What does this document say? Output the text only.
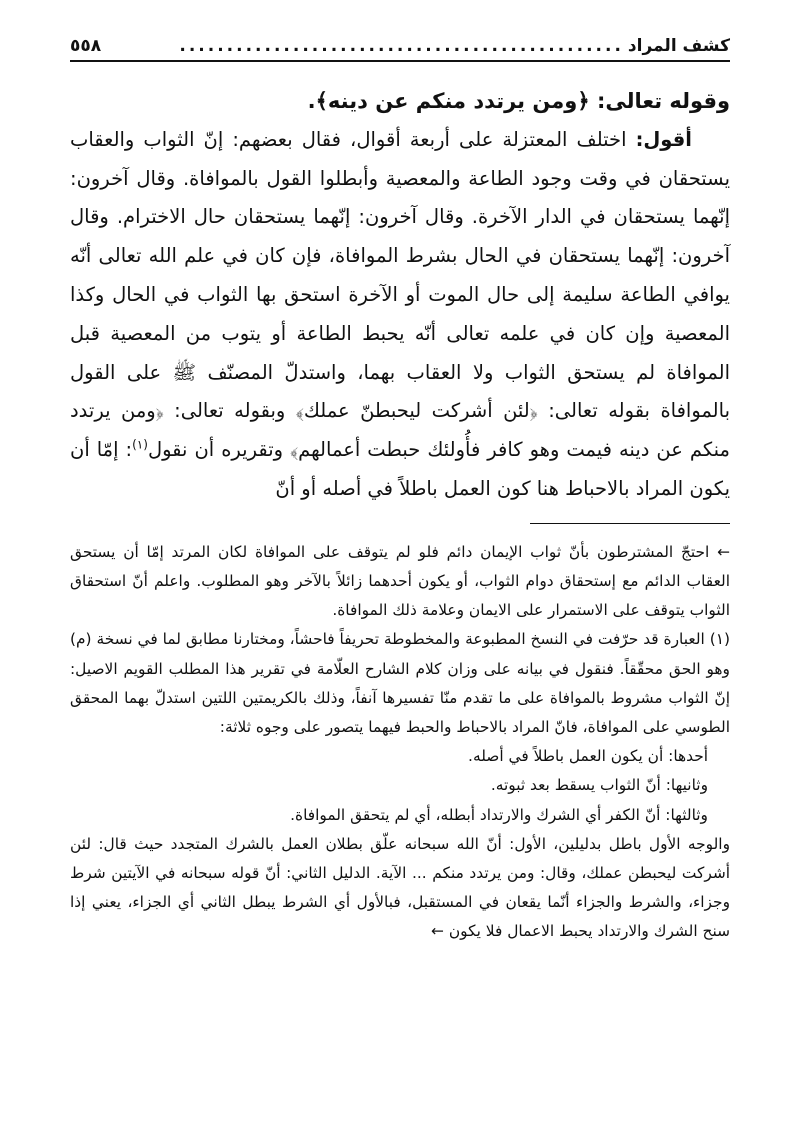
كشف المراد
...............................................
٥٥٨

وقوله تعالى: ﴿ومن يرتدد منكم عن دينه﴾.

أقول: اختلف المعتزلة على أربعة أقوال، فقال بعضهم: إنّ الثواب والعقاب يستحقان في وقت وجود الطاعة والمعصية وأبطلوا القول بالموافاة. وقال آخرون: إنّهما يستحقان في الدار الآخرة. وقال آخرون: إنّهما يستحقان حال الاخترام. وقال آخرون: إنّهما يستحقان في الحال بشرط الموافاة، فإن كان في علم الله تعالى أنّه يوافي الطاعة سليمة إلى حال الموت أو الآخرة استحق بها الثواب في الحال وكذا المعصية وإن كان في علمه تعالى أنّه يحبط الطاعة أو يتوب من المعصية قبل الموافاة لم يستحق الثواب ولا العقاب بهما، واستدلّ المصنّف ﷺ على القول بالموافاة بقوله تعالى: ﴿لئن أشركت ليحبطنّ عملك﴾ وبقوله تعالى: ﴿ومن يرتدد منكم عن دينه فيمت وهو كافر فأُولئك حبطت أعمالهم﴾ وتقريره أن نقول$^{(١)}$: إمّا أن يكون المراد بالاحباط هنا كون العمل باطلاً في أصله أو أنّ

← احتجّ المشترطون بأنّ ثواب الإيمان دائم فلو لم يتوقف على الموافاة لكان المرتد إمّا أن يستحق العقاب الدائم مع إستحقاق دوام الثواب، أو يكون أحدهما زائلاً بالآخر وهو المطلوب. واعلم أنّ استحقاق الثواب يتوقف على الاستمرار على الايمان وعلامة ذلك الموافاة.

(١) العبارة قد حرّفت في النسخ المطبوعة والمخطوطة تحريفاً فاحشاً، ومختارنا مطابق لما في نسخة (م) وهو الحق محقّقاً. فنقول في بيانه على وزان كلام الشارح العلّامة في تقرير هذا المطلب القويم الاصيل: إنّ الثواب مشروط بالموافاة على ما تقدم منّا تفسيرها آنفاً، وذلك بالكريمتين اللتين استدلّ بهما المحقق الطوسي على الموافاة، فانّ المراد بالاحباط والحبط فيهما يتصور على وجوه ثلاثة:

أحدها: أن يكون العمل باطلاً في أصله.

وثانيها: أنّ الثواب يسقط بعد ثبوته.

وثالثها: أنّ الكفر أي الشرك والارتداد أبطله، أي لم يتحقق الموافاة.

والوجه الأول باطل بدليلين، الأول: أنّ الله سبحانه علّق بطلان العمل بالشرك المتجدد حيث قال: لئن أشركت ليحبطن عملك، وقال: ومن يرتدد منكم ... الآية. الدليل الثاني: أنّ قوله سبحانه في الآيتين شرط وجزاء، والشرط والجزاء أنّما يقعان في المستقبل، فبالأول أي الشرط يبطل الثاني أي الجزاء، يعني إذا سنح الشرك والارتداد يحبط الاعمال فلا يكون ←
